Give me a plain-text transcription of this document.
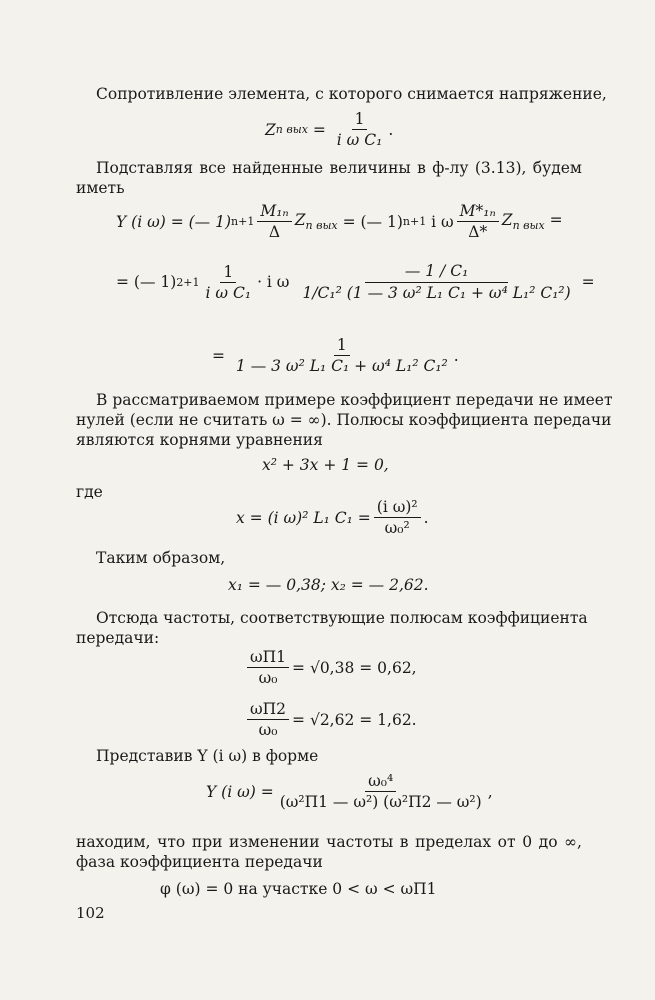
Сопротивление элемента, с которого снимается напряжение,
Z п вых = $\frac{1}{\text{i ω C₁}}$ .
Подставляя все найденные величины в ф-лу (3.13), будем
иметь
Y (i ω) = (— 1) $n+1 \frac{\text{M₁ₙ}}{\Delta} Z_{п вых}$ = (— 1) n+1
i ω $\frac{\text{M*₁ₙ}}{\Delta*} Z_{п вых}$ =
= (— 1) $2+1 \frac{1}{\text{i ω C₁}} \cdot i$ ω $\frac{\text{— 1 / C₁}}{\text{1/C₁² (1 — 3 ω² L₁ C₁ + ω⁴ L₁² C₁²)}}$ =
= $\frac{1}{\text{1 — 3 ω² L₁ C₁ + ω⁴ L₁² C₁²}}$ .
В рассматриваемом примере коэффициент передачи не имеет
нулей (если не считать ω = ∞). Полюсы коэффициента передачи
являются корнями уравнения
x² + 3x + 1 = 0,
где
x = (i ω)² L₁ $C_1 = \frac{\text{(i ω)²}}{\text{ω₀²}}$ .
Таким образом,
x₁ = — 0,38; x₂ = — 2,62.
Отсюда частоты, соответствующие полюсам коэффициента
передачи:
$\frac{\omega П1}{\text{ω₀}} = √0,38 = 0,62$,
$\frac{\omega П2}{\text{ω₀}} = √2,62 = 1,62$.
Представив Y (i ω) в форме
Y (i $\omega) = \frac{\text{ω₀⁴}}{\text{(ω²П1 — ω²) (ω²П2 — ω²)}}$ ,
находим, что при изменении частоты в пределах от 0 до ∞,
фаза коэффициента передачи
φ (ω) = 0 на участке 0 < ω < ωП1
102
